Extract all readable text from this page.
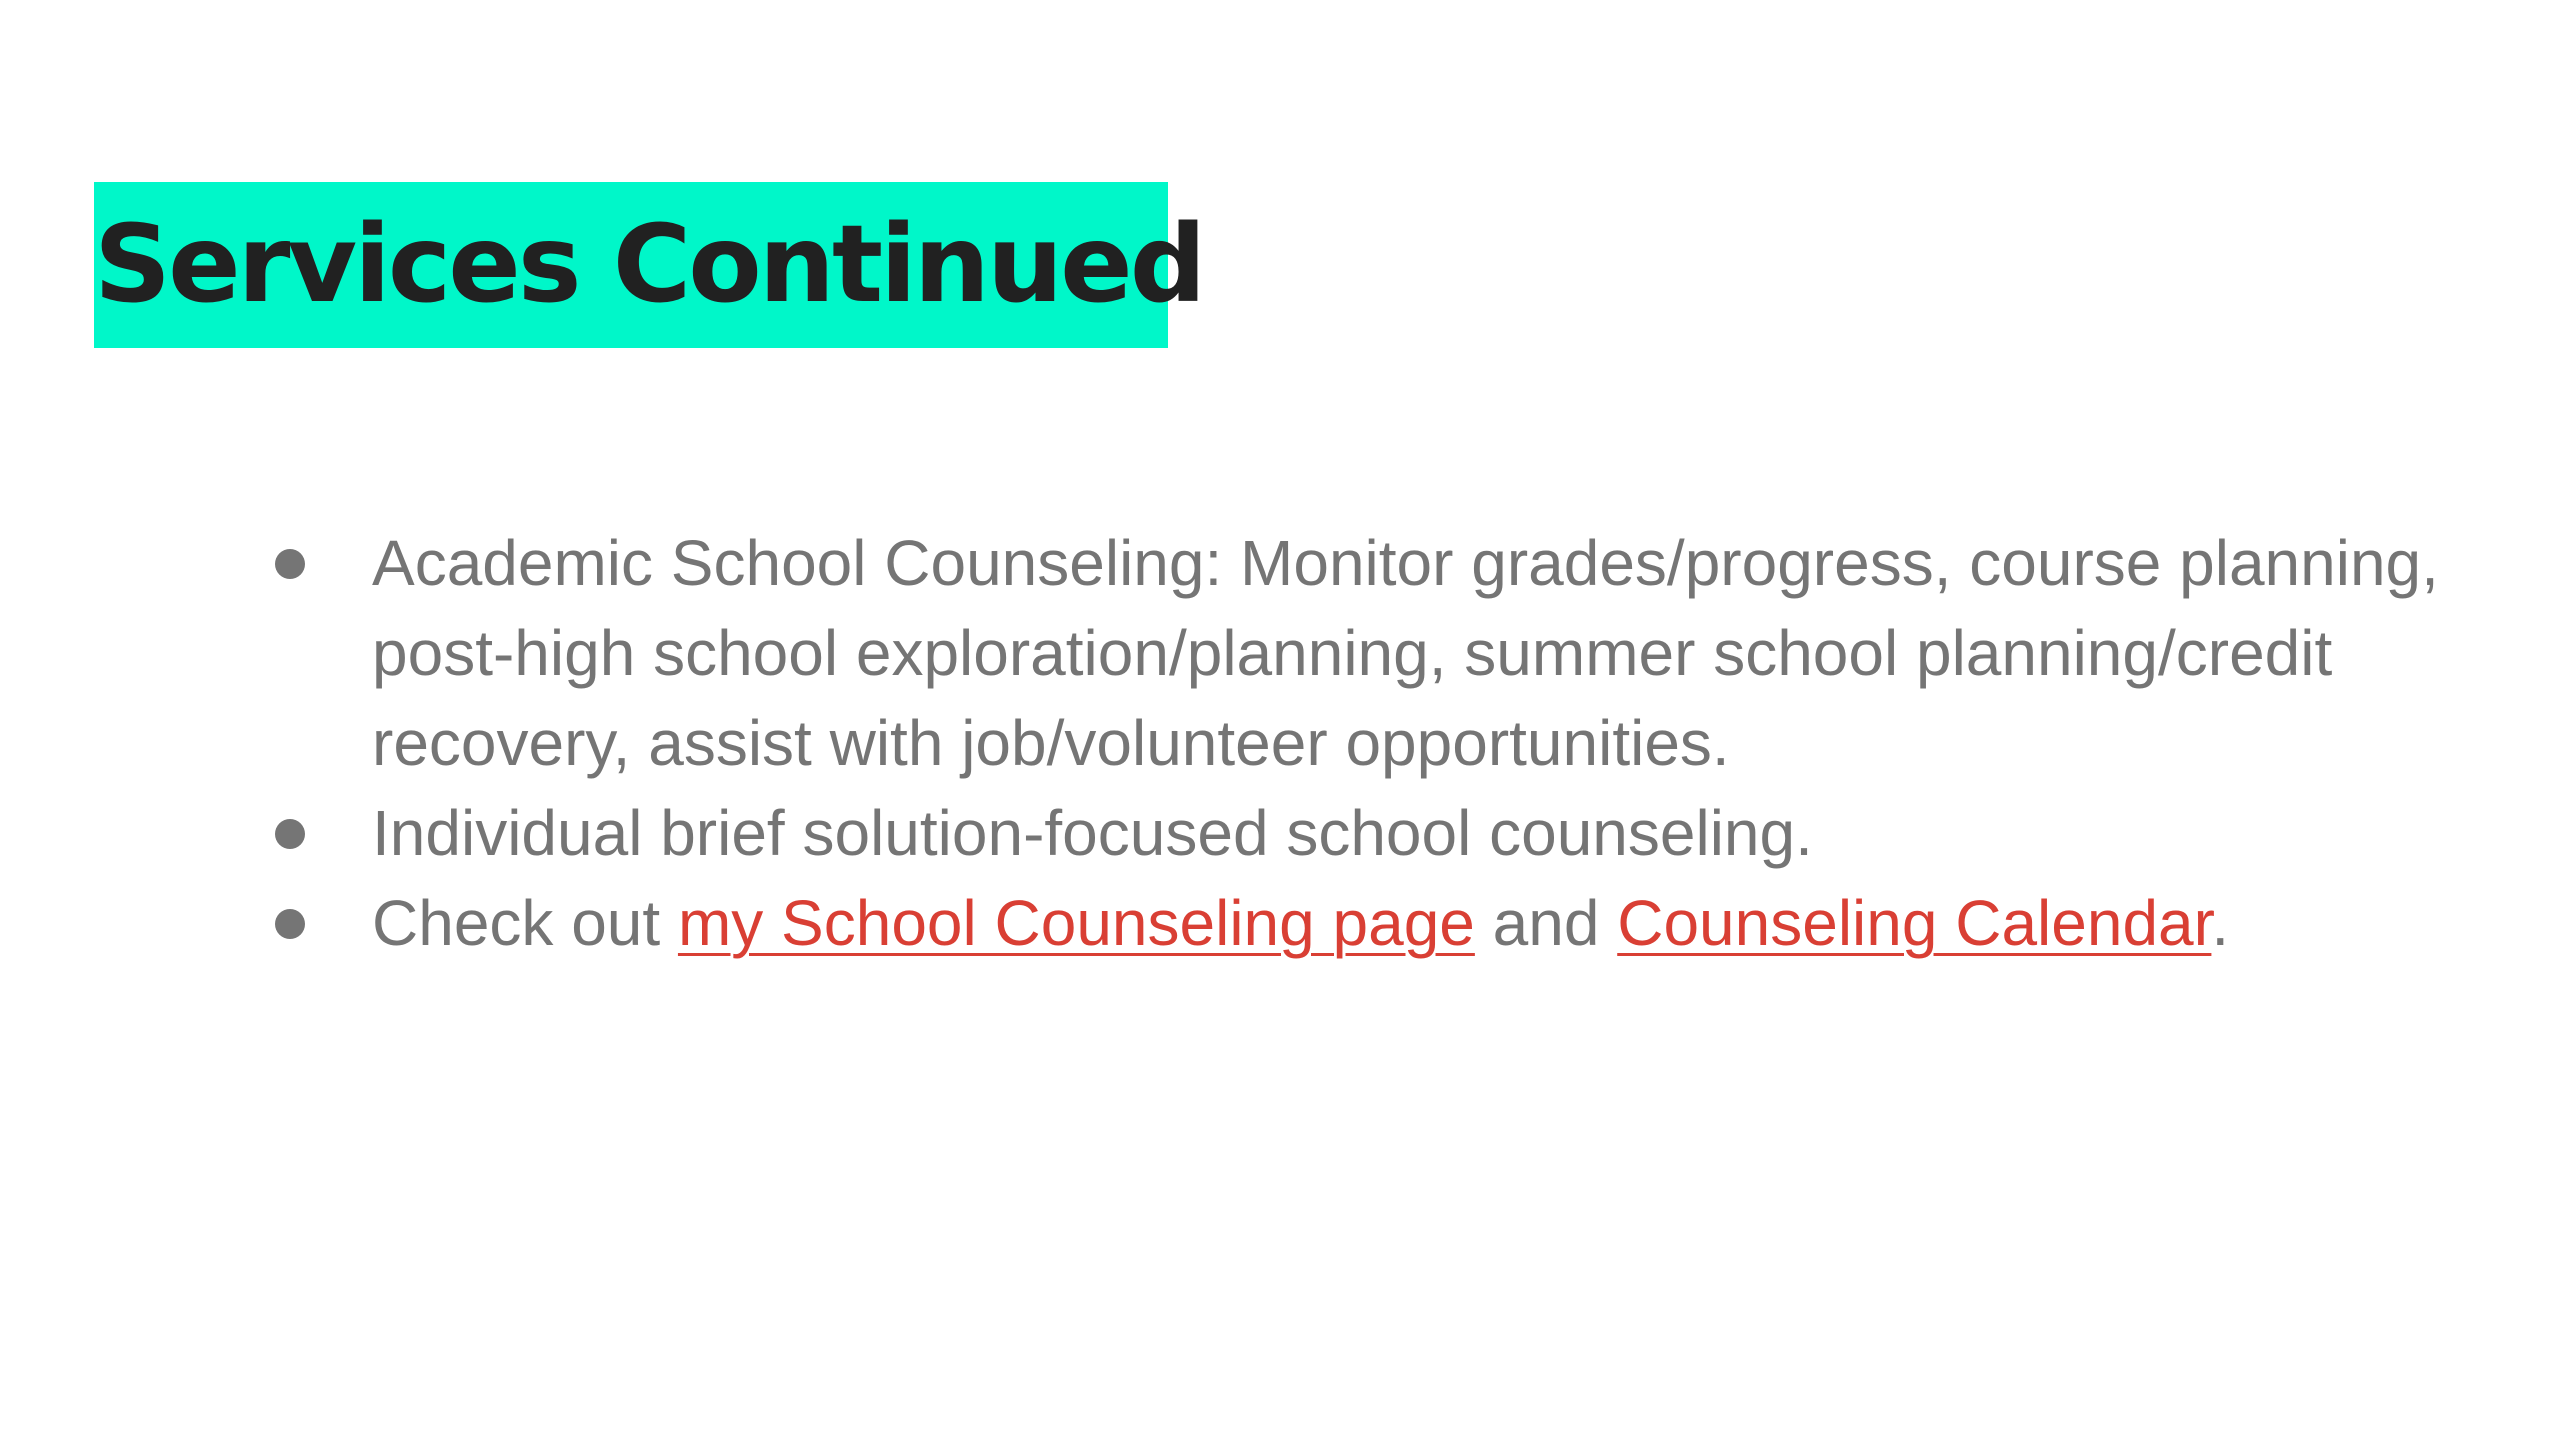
Services Continued
Academic School Counseling: Monitor grades/progress, course planning, post-high school exploration/planning, summer school planning/credit recovery, assist with job/volunteer opportunities.
Individual brief solution-focused school counseling.
Check out my School Counseling page and Counseling Calendar.
